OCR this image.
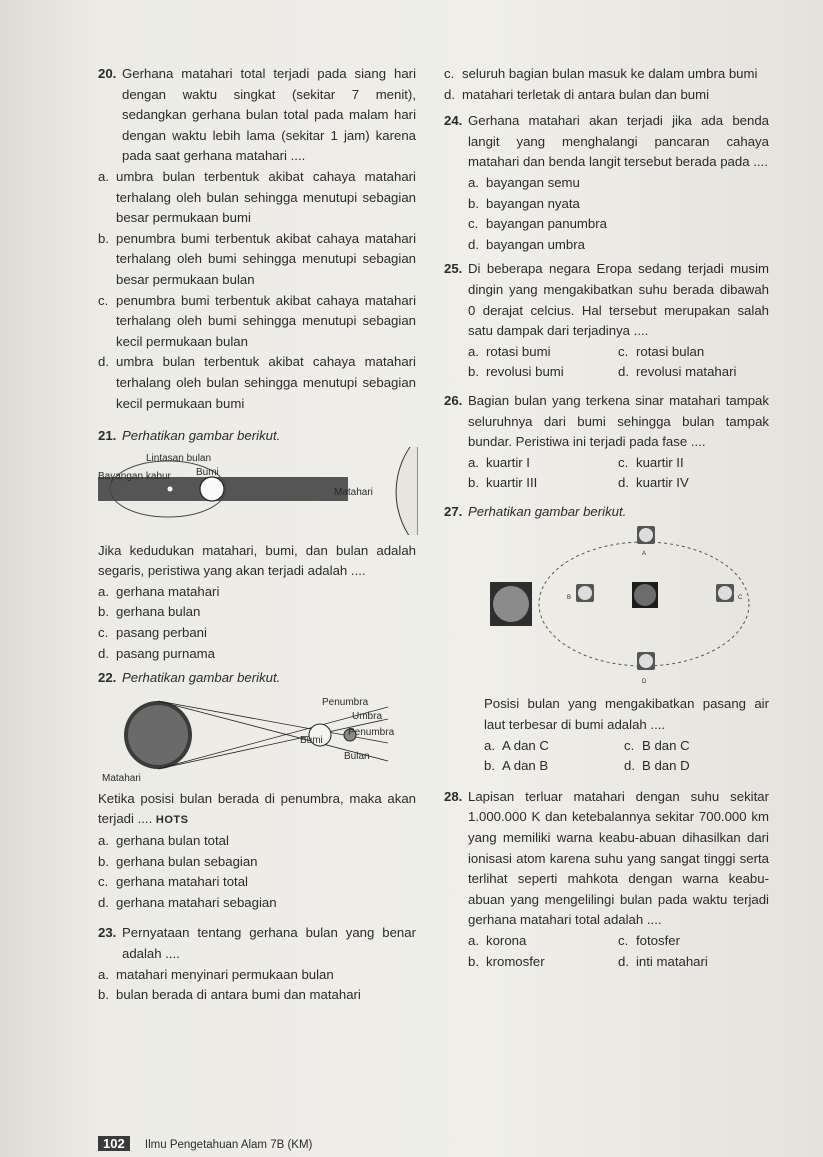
20. Gerhana matahari total terjadi pada siang hari dengan waktu singkat (sekitar 7 menit), sedangkan gerhana bulan total pada malam hari dengan waktu lebih lama (sekitar 1 jam) karena pada saat gerhana matahari ....
a. umbra bulan terbentuk akibat cahaya matahari terhalang oleh bulan sehingga menutupi sebagian besar permukaan bumi
b. penumbra bumi terbentuk akibat cahaya matahari terhalang oleh bumi sehingga menutupi sebagian besar permukaan bulan
c. penumbra bumi terbentuk akibat cahaya matahari terhalang oleh bumi sehingga menutupi sebagian kecil permukaan bulan
d. umbra bulan terbentuk akibat cahaya matahari terhalang oleh bulan sehingga menutupi sebagian kecil permukaan bumi
21. Perhatikan gambar berikut.
Lintasan bulan
Bayangan kabur	Bumi
Matahari

Jika kedudukan matahari, bumi, dan bulan adalah segaris, peristiwa yang akan terjadi adalah ....

a. gerhana matahari
b. gerhana bulan
c. pasang perbani
d. pasang purnama
22. Perhatikan gambar berikut.
Penumbra
Umbra
Penumbra
Bumi
Bulan
Matahari

Ketika posisi bulan berada di penumbra, maka akan terjadi .... HOTS

a. gerhana bulan total
b. gerhana bulan sebagian
c. gerhana matahari total
d. gerhana matahari sebagian
23. Pernyataan tentang gerhana bulan yang benar adalah ....
a. matahari menyinari permukaan bulan
b. bulan berada di antara bumi dan matahari
c. seluruh bagian bulan masuk ke dalam umbra bumi
d. matahari terletak di antara bulan dan bumi
24. Gerhana matahari akan terjadi jika ada benda langit yang menghalangi pancaran cahaya matahari dan benda langit tersebut berada pada ....
a. bayangan semu
b. bayangan nyata
c. bayangan panumbra
d. bayangan umbra
25. Di beberapa negara Eropa sedang terjadi musim dingin yang mengakibatkan suhu berada dibawah 0 derajat celcius. Hal tersebut merupakan salah satu dampak dari terjadinya ....
a. rotasi bumi	c. rotasi bulan
b. revolusi bumi	d. revolusi matahari
26. Bagian bulan yang terkena sinar matahari tampak seluruhnya dari bumi sehingga bulan tampak bundar. Peristiwa ini terjadi pada fase ....
a. kuartir I	c. kuartir II
b. kuartir III	d. kuartir IV
27. Perhatikan gambar berikut.
A
B	C
D

Posisi bulan yang mengakibatkan pasang air laut terbesar di bumi adalah ....

a. A dan C	c. B dan C
b. A dan B	d. B dan D
28. Lapisan terluar matahari dengan suhu sekitar 1.000.000 K dan ketebalannya sekitar 700.000 km yang memiliki warna keabu-abuan dihasilkan dari ionisasi atom karena suhu yang sangat tinggi serta terlihat seperti mahkota dengan warna keabu-abuan yang mengelilingi bulan pada waktu terjadi gerhana matahari total adalah ....
a. korona	c. fotosfer
b. kromosfer	d. inti matahari
102 Ilmu Pengetahuan Alam 7B (KM)
